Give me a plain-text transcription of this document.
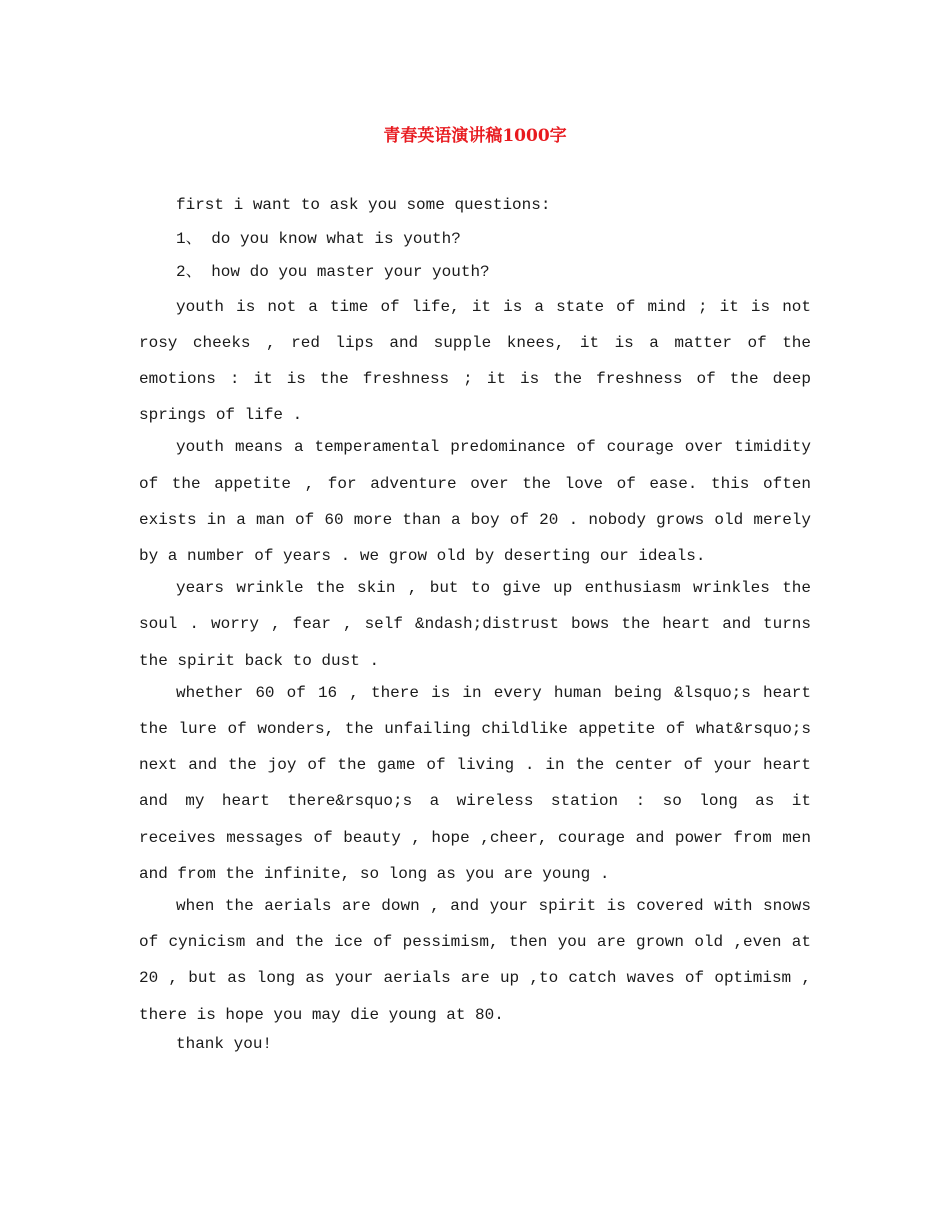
青春英语演讲稿1000字
first i want to ask you some questions:
1、 do you know what is youth?
2、 how do you master your youth?
youth is not a time of life, it is a state of mind ; it is not rosy cheeks , red lips and supple knees, it is a matter of the emotions : it is the freshness ; it is the freshness of the deep springs of life .
youth means a temperamental predominance of courage over timidity of the appetite , for adventure over the love of ease. this often exists in a man of 60 more than a boy of 20 . nobody grows old merely by a number of years . we grow old by deserting our ideals.
years wrinkle the skin , but to give up enthusiasm wrinkles the soul . worry , fear , self &ndash;distrust bows the heart and turns the spirit back to dust .
whether 60 of 16 , there is in every human being &lsquo;s heart the lure of wonders, the unfailing childlike appetite of what&rsquo;s next and the joy of the game of living . in the center of your heart and my heart there&rsquo;s a wireless station : so long as it receives messages of beauty , hope ,cheer, courage and power from men and from the infinite, so long as you are young .
when the aerials are down , and your spirit is covered with snows of cynicism and the ice of pessimism, then you are grown old ,even at 20 , but as long as your aerials are up ,to catch waves of optimism , there is hope you may die young at 80.
thank you!
